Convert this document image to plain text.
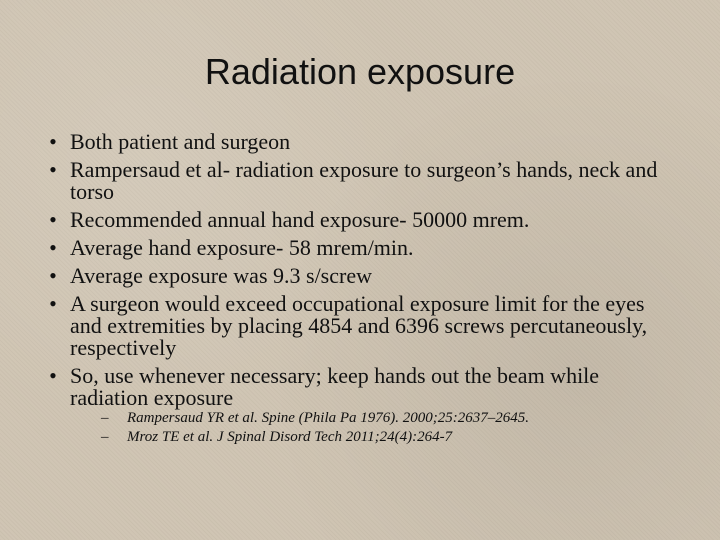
Radiation exposure
• Both patient and surgeon
• Rampersaud et al- radiation exposure to surgeon’s hands, neck and torso
• Recommended annual hand exposure- 50000 mrem.
• Average hand exposure- 58 mrem/min.
• Average exposure was 9.3 s/screw
• A surgeon would exceed occupational exposure limit for the eyes and extremities by placing 4854 and 6396 screws percutaneously, respectively
• So, use whenever necessary; keep hands out the beam while radiation exposure
– Rampersaud YR et al. Spine (Phila Pa 1976). 2000;25:2637–2645.
– Mroz TE et al. J Spinal Disord Tech 2011;24(4):264-7
